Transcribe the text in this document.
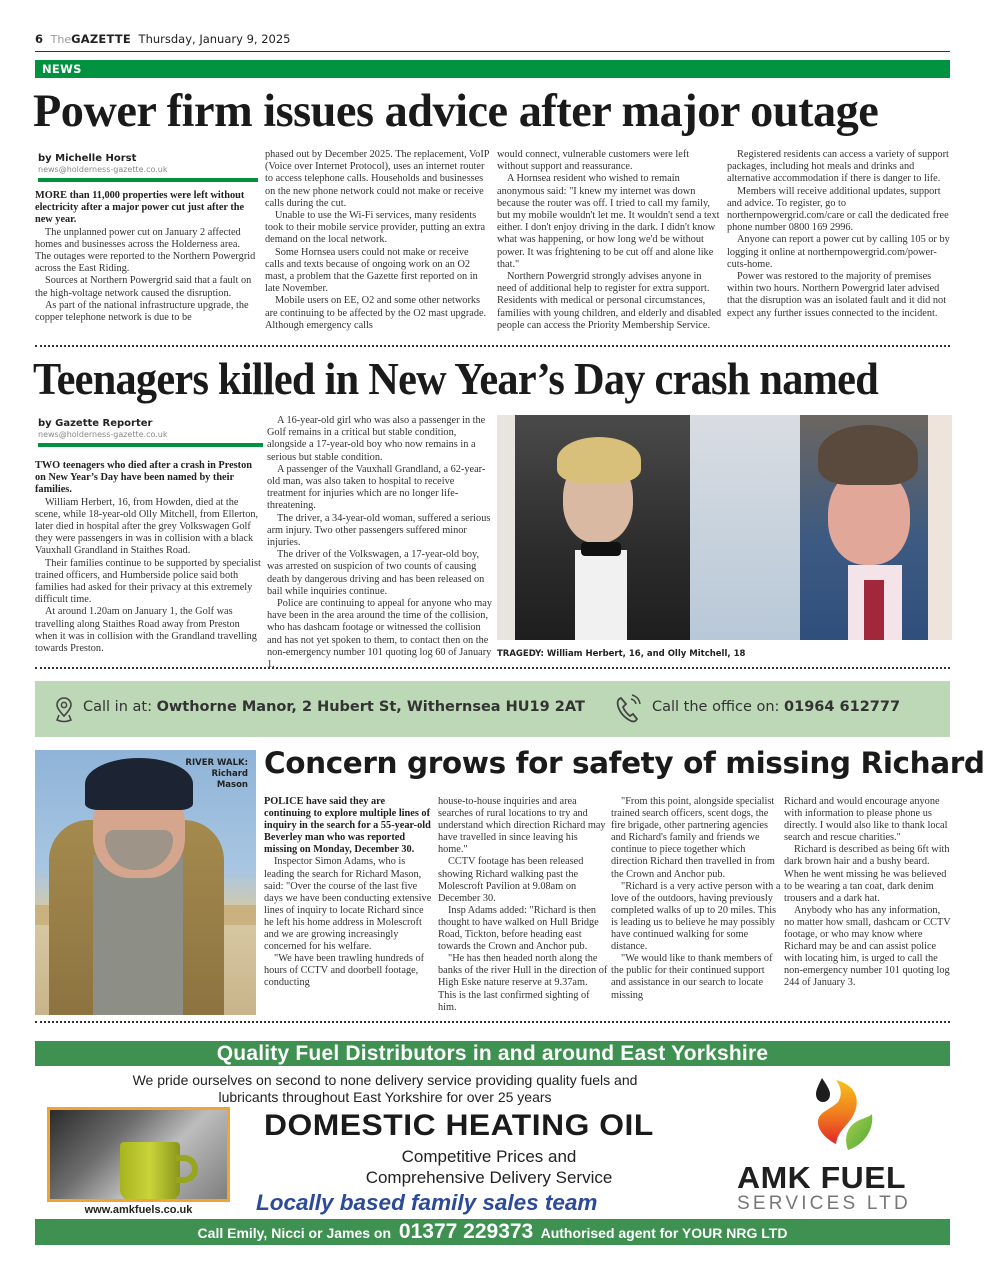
6 TheGAZETTE Thursday, January 9, 2025
NEWS
Power firm issues advice after major outage
by Michelle Horst
news@holderness-gazette.co.uk

MORE than 11,000 properties were left without electricity after a major power cut just after the new year.

The unplanned power cut on January 2 affected homes and businesses across the Holderness area. The outages were reported to the Northern Powergrid across the East Riding.

Sources at Northern Powergrid said that a fault on the high-voltage network caused the disruption.

As part of the national infrastructure upgrade, the copper telephone network is due to be

phased out by December 2025. The replacement, VoIP (Voice over Internet Protocol), uses an internet router to access telephone calls. Households and businesses on the new phone network could not make or receive calls during the cut.

Unable to use the Wi-Fi services, many residents took to their mobile service provider, putting an extra demand on the local network.

Some Hornsea users could not make or receive calls and texts because of ongoing work on an O2 mast, a problem that the Gazette first reported on in late November.

Mobile users on EE, O2 and some other networks are continuing to be affected by the O2 mast upgrade. Although emergency calls

would connect, vulnerable customers were left without support and reassurance.

A Hornsea resident who wished to remain anonymous said: "I knew my internet was down because the router was off. I tried to call my family, but my mobile wouldn't let me. It wouldn't send a text either. I don't enjoy driving in the dark. I didn't know what was happening, or how long we'd be without power. It was frightening to be cut off and alone like that."

Northern Powergrid strongly advises anyone in need of additional help to register for extra support. Residents with medical or personal circumstances, families with young children, and elderly and disabled people can access the Priority Membership Service.

Registered residents can access a variety of support packages, including hot meals and drinks and alternative accommodation if there is danger to life.

Members will receive additional updates, support and advice. To register, go to northernpowergrid.com/care or call the dedicated free phone number 0800 169 2996.

Anyone can report a power cut by calling 105 or by logging it online at northernpowergrid.com/power-cuts-home.

Power was restored to the majority of premises within two hours. Northern Powergrid later advised that the disruption was an isolated fault and it did not expect any further issues connected to the incident.

Teenagers killed in New Year’s Day crash named
by Gazette Reporter
news@holderness-gazette.co.uk

TWO teenagers who died after a crash in Preston on New Year’s Day have been named by their families.

William Herbert, 16, from Howden, died at the scene, while 18-year-old Olly Mitchell, from Ellerton, later died in hospital after the grey Volkswagen Golf they were passengers in was in collision with a black Vauxhall Grandland in Staithes Road.

Their families continue to be supported by specialist trained officers, and Humberside police said both families had asked for their privacy at this extremely difficult time.

At around 1.20am on January 1, the Golf was travelling along Staithes Road away from Preston when it was in collision with the Grandland travelling towards Preston.

A 16-year-old girl who was also a passenger in the Golf remains in a critical but stable condition, alongside a 17-year-old boy who now remains in a serious but stable condition.

A passenger of the Vauxhall Grandland, a 62-year-old man, was also taken to hospital to receive treatment for injuries which are no longer life-threatening.

The driver, a 34-year-old woman, suffered a serious arm injury. Two other passengers suffered minor injuries.

The driver of the Volkswagen, a 17-year-old boy, was arrested on suspicion of two counts of causing death by dangerous driving and has been released on bail while inquiries continue.

Police are continuing to appeal for anyone who may have been in the area around the time of the collision, who has dashcam footage or witnessed the collision and has not yet spoken to them, to contact then on the non-emergency number 101 quoting log 60 of January 1.

TRAGEDY: William Herbert, 16, and Olly Mitchell, 18
Call in at: Owthorne Manor, 2 Hubert St, Withernsea HU19 2AT	Call the office on: 01964 612777
RIVER WALK:
Richard
Mason
Concern grows for safety of missing Richard

POLICE have said they are continuing to explore multiple lines of inquiry in the search for a 55-year-old Beverley man who was reported missing on Monday, December 30.

Inspector Simon Adams, who is leading the search for Richard Mason, said: "Over the course of the last five days we have been conducting extensive lines of inquiry to locate Richard since he left his home address in Molescroft and we are growing increasingly concerned for his welfare.

"We have been trawling hundreds of hours of CCTV and doorbell footage, conducting

house-to-house inquiries and area searches of rural locations to try and understand which direction Richard may have travelled in since leaving his home."

CCTV footage has been released showing Richard walking past the Molescroft Pavilion at 9.08am on December 30.

Insp Adams added: "Richard is then thought to have walked on Hull Bridge Road, Tickton, before heading east towards the Crown and Anchor pub.

"He has then headed north along the banks of the river Hull in the direction of High Eske nature reserve at 9.37am. This is the last confirmed sighting of him.

"From this point, alongside specialist trained search officers, scent dogs, the fire brigade, other partnering agencies and Richard's family and friends we continue to piece together which direction Richard then travelled in from the Crown and Anchor pub.

"Richard is a very active person with a love of the outdoors, having previously completed walks of up to 20 miles. This is leading us to believe he may possibly have continued walking for some distance.

"We would like to thank members of the public for their continued support and assistance in our search to locate missing

Richard and would encourage anyone with information to please phone us directly. I would also like to thank local search and rescue charities."

Richard is described as being 6ft with dark brown hair and a bushy beard. When he went missing he was believed to be wearing a tan coat, dark denim trousers and a dark hat.

Anybody who has any information, no matter how small, dashcam or CCTV footage, or who may know where Richard may be and can assist police with locating him, is urged to call the non-emergency number 101 quoting log 244 of January 3.

Quality Fuel Distributors in and around East Yorkshire
We pride ourselves on second to none delivery service providing quality fuels and
lubricants throughout East Yorkshire for over 25 years
www.amkfuels.co.uk
DOMESTIC HEATING OIL
Competitive Prices and
Comprehensive Delivery Service
Locally based family sales team
AMK FUEL
SERVICES LTD
Call Emily, Nicci or James on 01377 229373 Authorised agent for YOUR NRG LTD
